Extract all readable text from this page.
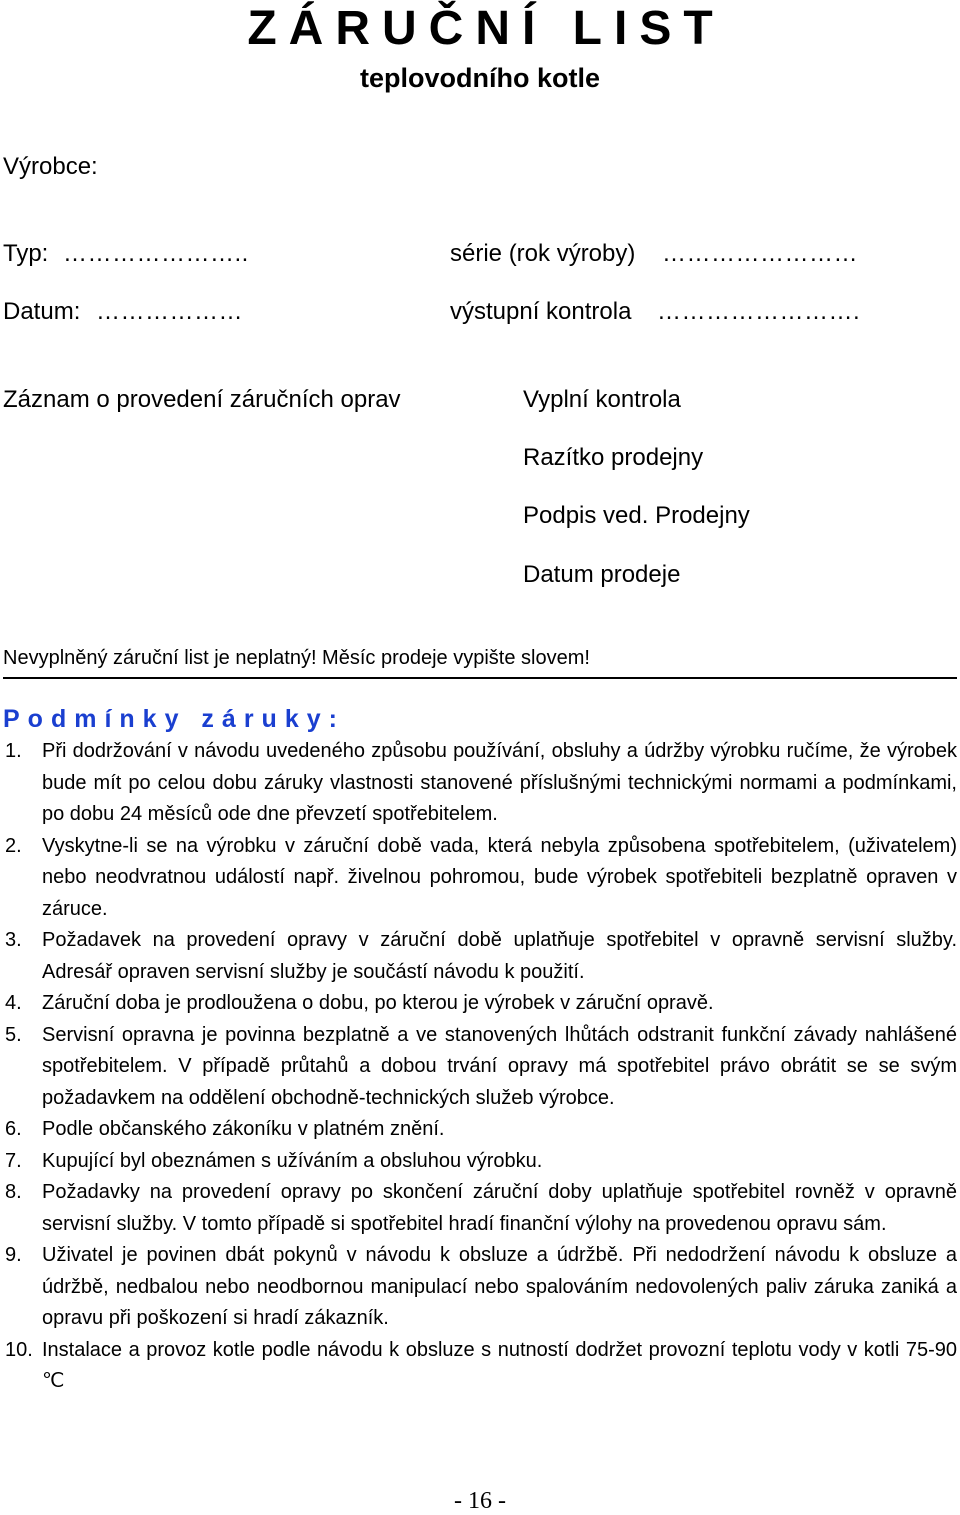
ZÁRUČNÍ LIST
teplovodního kotle
Výrobce:
Typ: …………………..	série (rok výroby) ……………………
Datum: ………………	výstupní kontrola …………………….
Záznam o provedení záručních oprav	Vyplní kontrola
Razítko prodejny
Podpis ved. Prodejny
Datum prodeje
Nevyplněný záruční list je neplatný! Měsíc prodeje vypište slovem!
Podmínky záruky:
1.	Při dodržování v návodu uvedeného způsobu používání, obsluhy a údržby výrobku ručíme, že výrobek bude mít po celou dobu záruky vlastnosti stanovené příslušnými technickými normami a podmínkami, po dobu 24 měsíců ode dne převzetí spotřebitelem.
2.	Vyskytne-li se na výrobku v záruční době vada, která nebyla způsobena spotřebitelem, (uživatelem) nebo neodvratnou událostí např. živelnou pohromou, bude výrobek spotřebiteli bezplatně opraven v záruce.
3.	Požadavek na provedení opravy v záruční době uplatňuje spotřebitel v opravně servisní služby. Adresář opraven servisní služby je součástí návodu k použití.
4.	Záruční doba je prodloužena o dobu, po kterou je výrobek v záruční opravě.
5.	Servisní opravna je povinna bezplatně a ve stanovených lhůtách odstranit funkční závady nahlášené spotřebitelem. V případě průtahů a dobou trvání opravy má spotřebitel právo obrátit se se svým požadavkem na oddělení obchodně-technických služeb výrobce.
6.	Podle občanského zákoníku v platném znění.
7.	Kupující byl obeznámen s užíváním a obsluhou výrobku.
8.	Požadavky na provedení opravy po skončení záruční doby uplatňuje spotřebitel rovněž v opravně servisní služby. V tomto případě si spotřebitel hradí finanční výlohy na provedenou opravu sám.
9.	Uživatel je povinen dbát pokynů v návodu k obsluze a údržbě. Při nedodržení návodu k obsluze a údržbě, nedbalou nebo neodbornou manipulací nebo spalováním nedovolených paliv záruka zaniká a opravu při poškození si hradí zákazník.
10. Instalace a provoz kotle podle návodu k obsluze s nutností dodržet provozní teplotu vody v kotli 75-90 ℃
- 16 -
